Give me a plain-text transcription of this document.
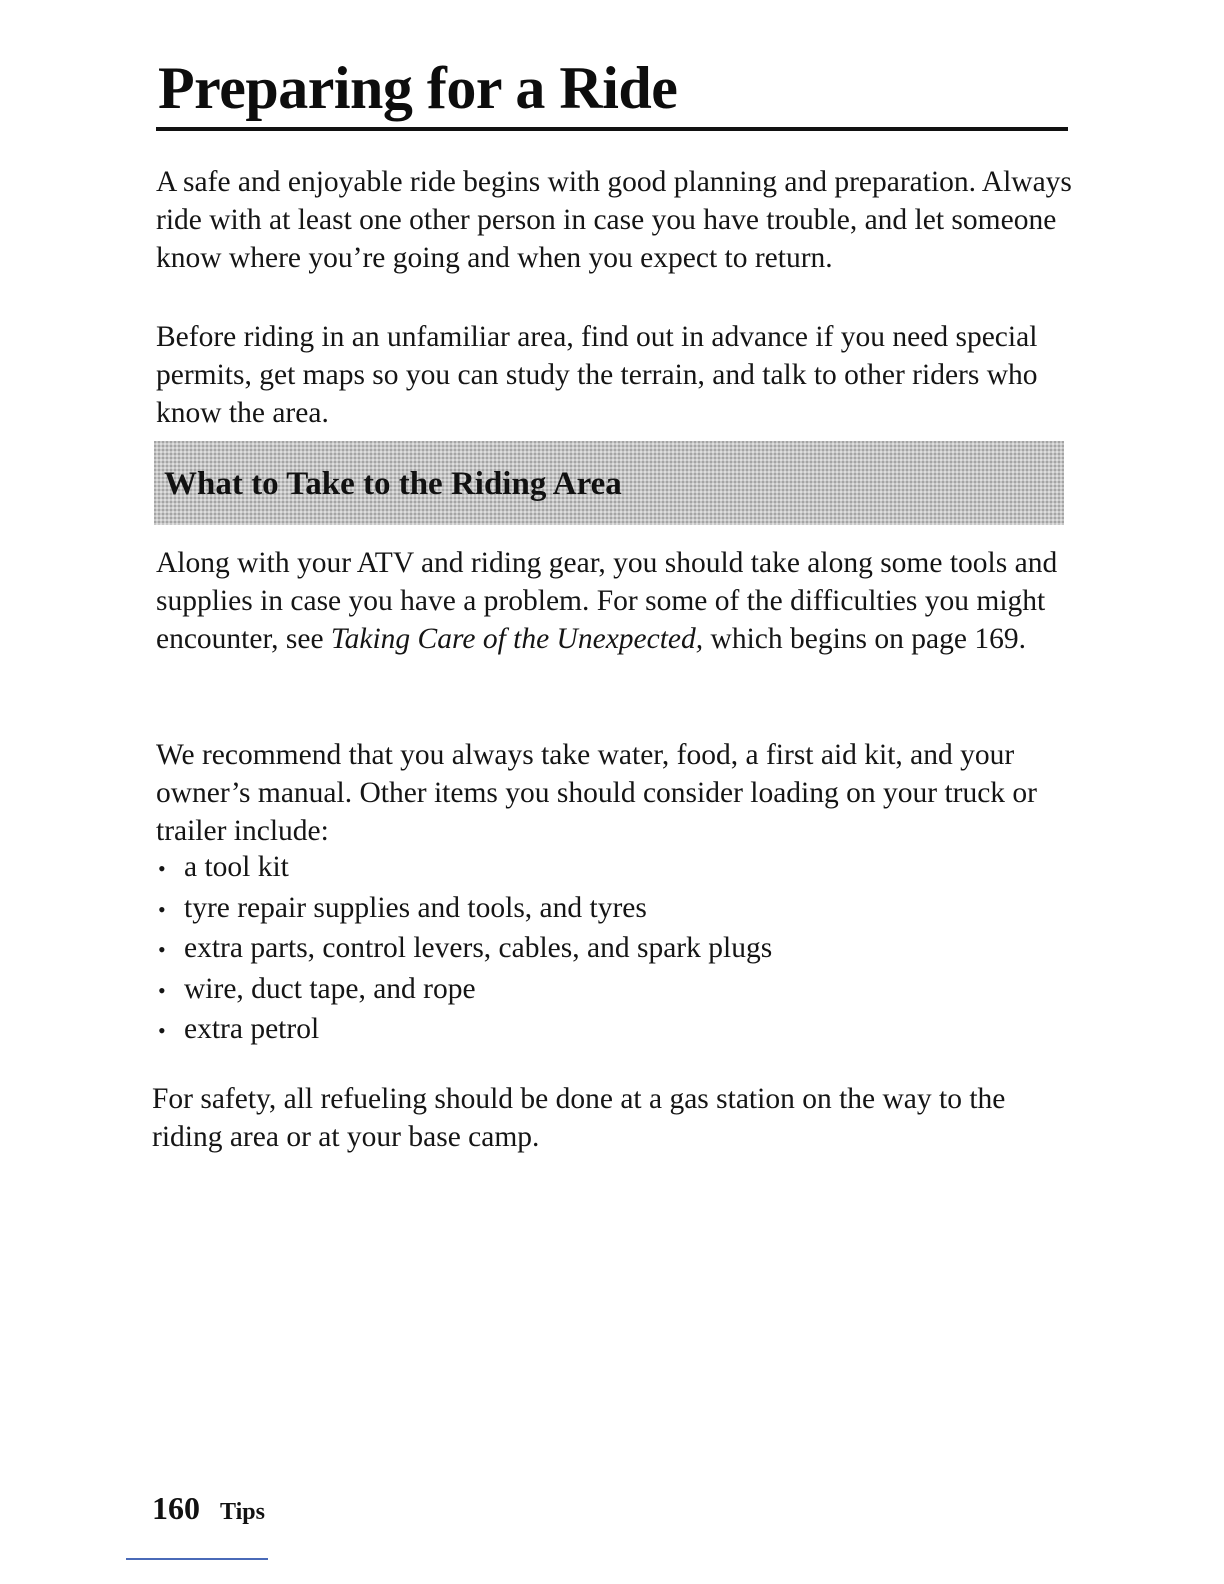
Preparing for a Ride

A safe and enjoyable ride begins with good planning and preparation. Always ride with at least one other person in case you have trouble, and let someone know where you’re going and when you expect to return.

Before riding in an unfamiliar area, find out in advance if you need special permits, get maps so you can study the terrain, and talk to other riders who know the area.

What to Take to the Riding Area

Along with your ATV and riding gear, you should take along some tools and supplies in case you have a problem. For some of the difficulties you might encounter, see Taking Care of the Unexpected, which begins on page 169.

We recommend that you always take water, food, a first aid kit, and your owner’s manual. Other items you should consider loading on your truck or trailer include:

• a tool kit
• tyre repair supplies and tools, and tyres
• extra parts, control levers, cables, and spark plugs
• wire, duct tape, and rope
• extra petrol

For safety, all refueling should be done at a gas station on the way to the riding area or at your base camp.

160 Tips
